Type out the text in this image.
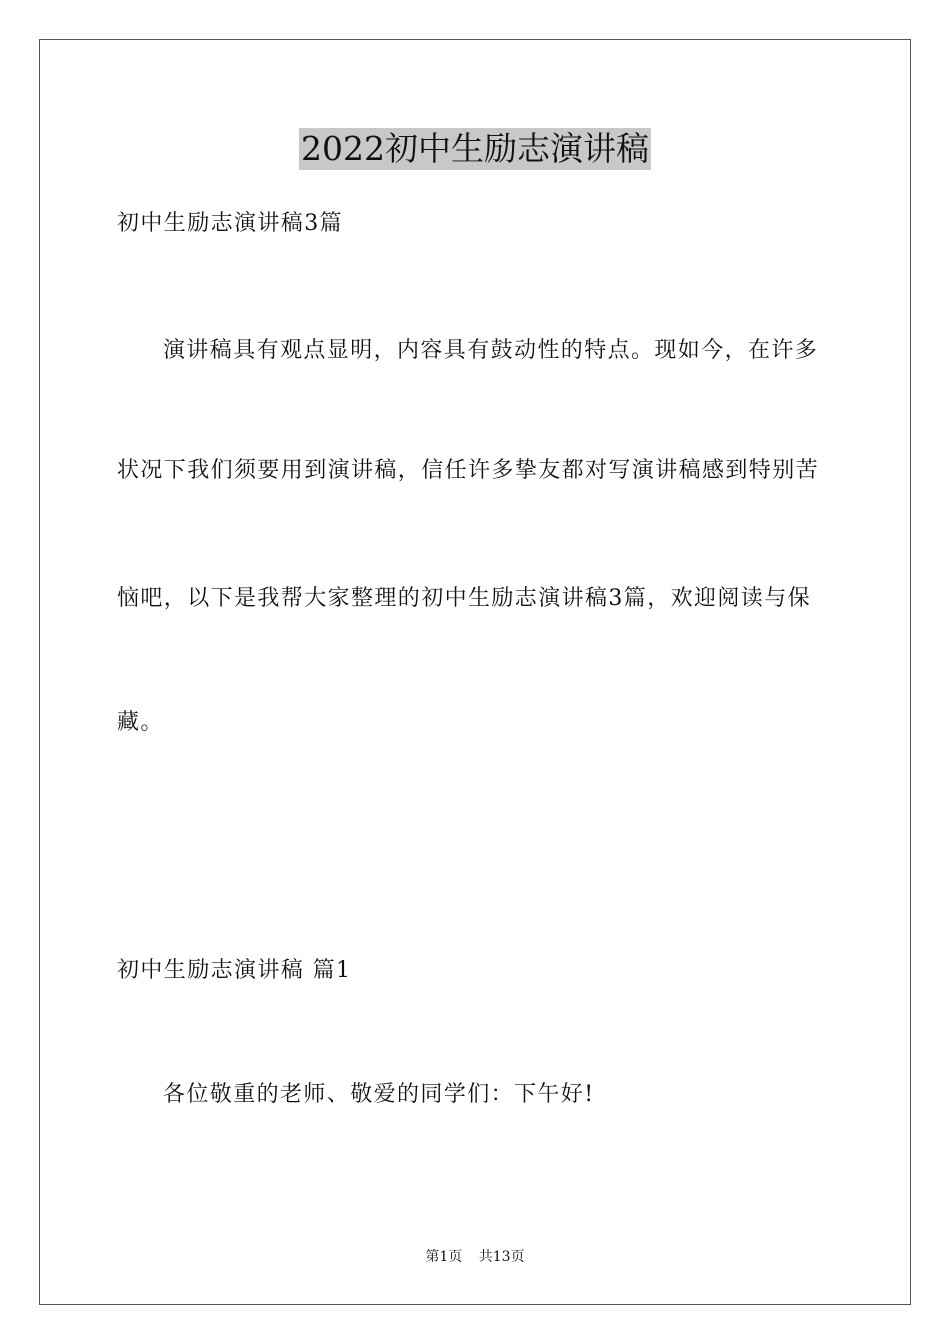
2022初中生励志演讲稿
初中生励志演讲稿3篇
演讲稿具有观点显明，内容具有鼓动性的特点。现如今，在许多
状况下我们须要用到演讲稿，信任许多挚友都对写演讲稿感到特别苦
恼吧，以下是我帮大家整理的初中生励志演讲稿3篇，欢迎阅读与保
藏。
初中生励志演讲稿 篇1
各位敬重的老师、敬爱的同学们：下午好!
第1页 共13页
